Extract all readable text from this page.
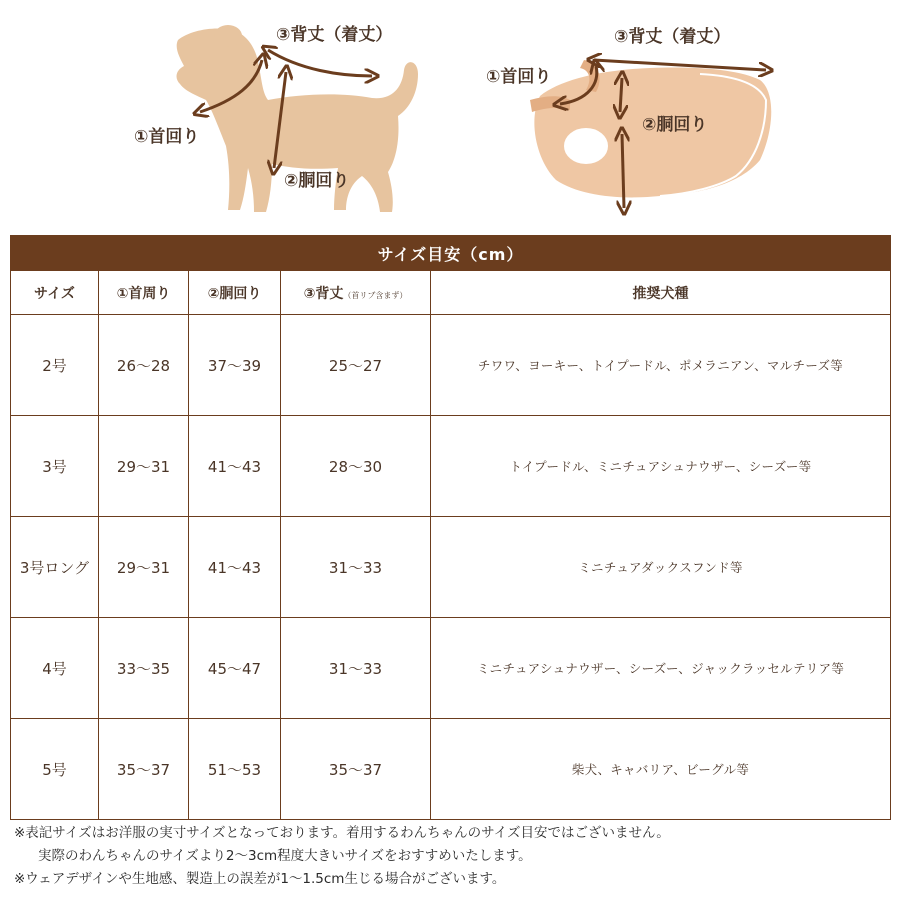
③背丈（着丈）
①首回り
②胴回り
③背丈（着丈）
①首回り
②胴回り
サイズ目安（cm）				
サイズ	①首周り	②胴回り	③背丈（首リブ含まず）	推奨犬種
2号	26～28	37～39	25～27	チワワ、ヨーキー、トイプードル、ポメラニアン、マルチーズ等
3号	29～31	41～43	28～30	トイプードル、ミニチュアシュナウザー、シーズー等
3号ロング	29～31	41～43	31～33	ミニチュアダックスフンド等
4号	33～35	45～47	31～33	ミニチュアシュナウザー、シーズー、ジャックラッセルテリア等
5号	35～37	51～53	35～37	柴犬、キャバリア、ビーグル等

※表記サイズはお洋服の実寸サイズとなっております。着用するわんちゃんのサイズ目安ではございません。

実際のわんちゃんのサイズより2～3cm程度大きいサイズをおすすめいたします。

※ウェアデザインや生地感、製造上の誤差が1～1.5cm生じる場合がございます。
